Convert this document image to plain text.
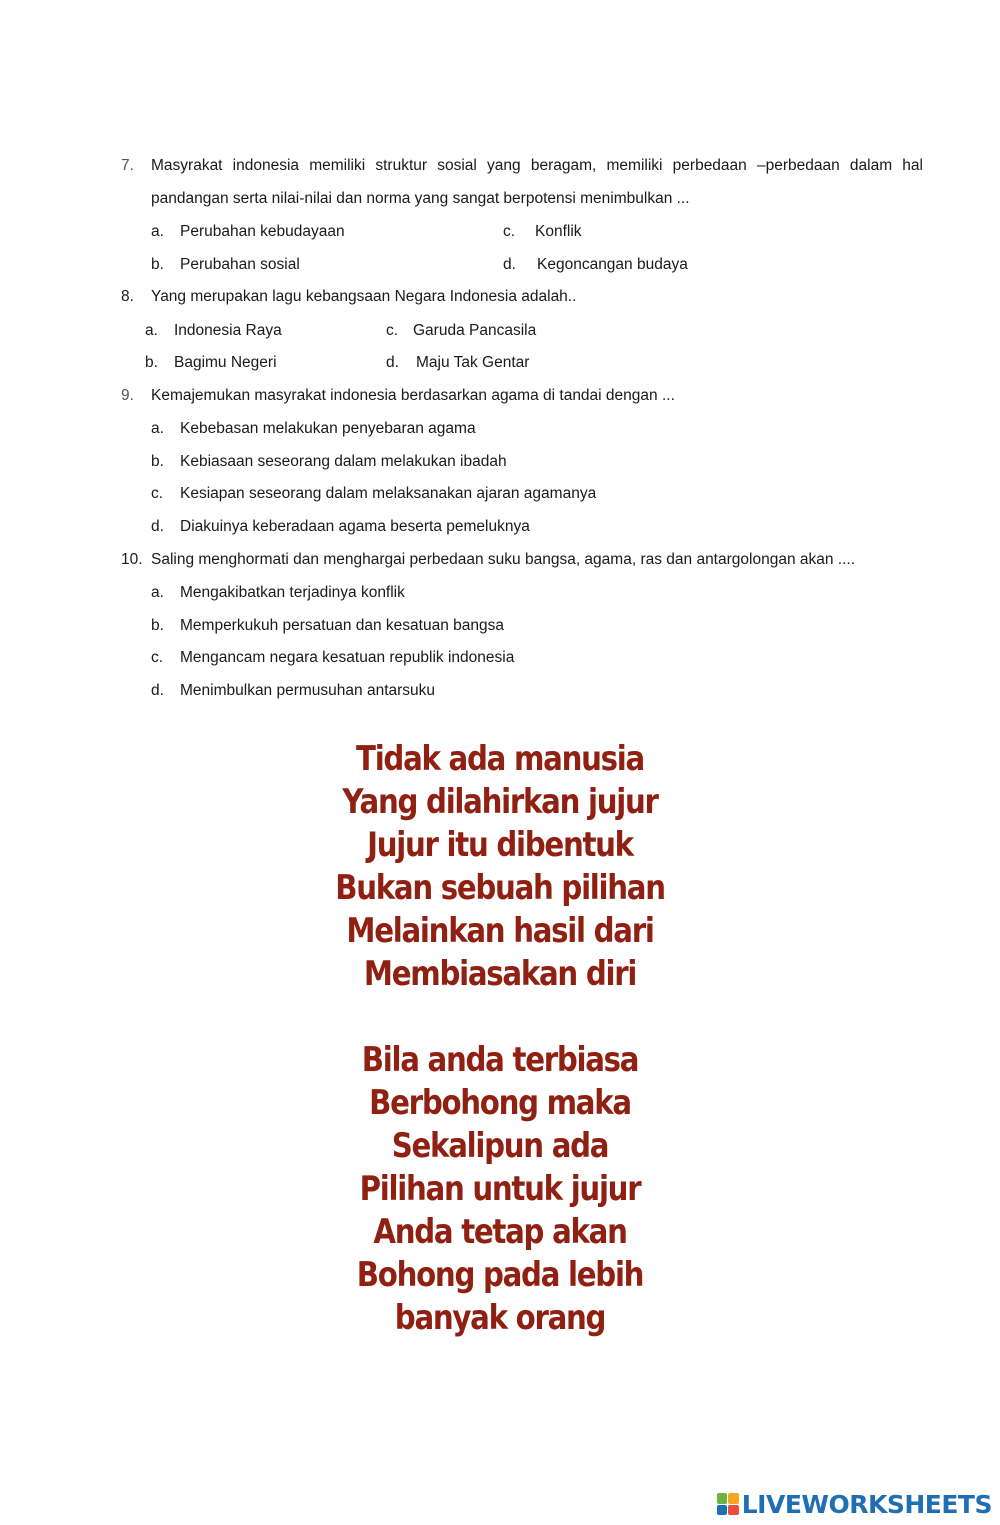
7.	Masyrakat indonesia memiliki struktur sosial yang beragam, memiliki perbedaan –perbedaan dalam hal
pandangan serta nilai-nilai dan norma yang sangat berpotensi menimbulkan ...
a. Perubahan kebudayaan
b. Perubahan sosial
c. Konflik
d. Kegoncangan budaya
8.	Yang merupakan lagu kebangsaan Negara Indonesia adalah..
a. Indonesia Raya
b. Bagimu Negeri
c. Garuda Pancasila
d. Maju Tak Gentar
9.	Kemajemukan masyrakat indonesia berdasarkan agama di tandai dengan ...
a. Kebebasan melakukan penyebaran agama
b. Kebiasaan seseorang dalam melakukan ibadah
c. Kesiapan seseorang dalam melaksanakan ajaran agamanya
d. Diakuinya keberadaan agama beserta pemeluknya
10. Saling menghormati dan menghargai perbedaan suku bangsa, agama, ras dan antargolongan akan ....
a. Mengakibatkan terjadinya konflik
b. Memperkukuh persatuan dan kesatuan bangsa
c. Mengancam negara kesatuan republik indonesia
d. Menimbulkan permusuhan antarsuku
Tidak ada manusia
Yang dilahirkan jujur
Jujur itu dibentuk
Bukan sebuah pilihan
Melainkan hasil dari
Membiasakan diri
Bila anda terbiasa
Berbohong maka
Sekalipun ada
Pilihan untuk jujur
Anda tetap akan
Bohong pada lebih
banyak orang
LIVEWORKSHEETS
